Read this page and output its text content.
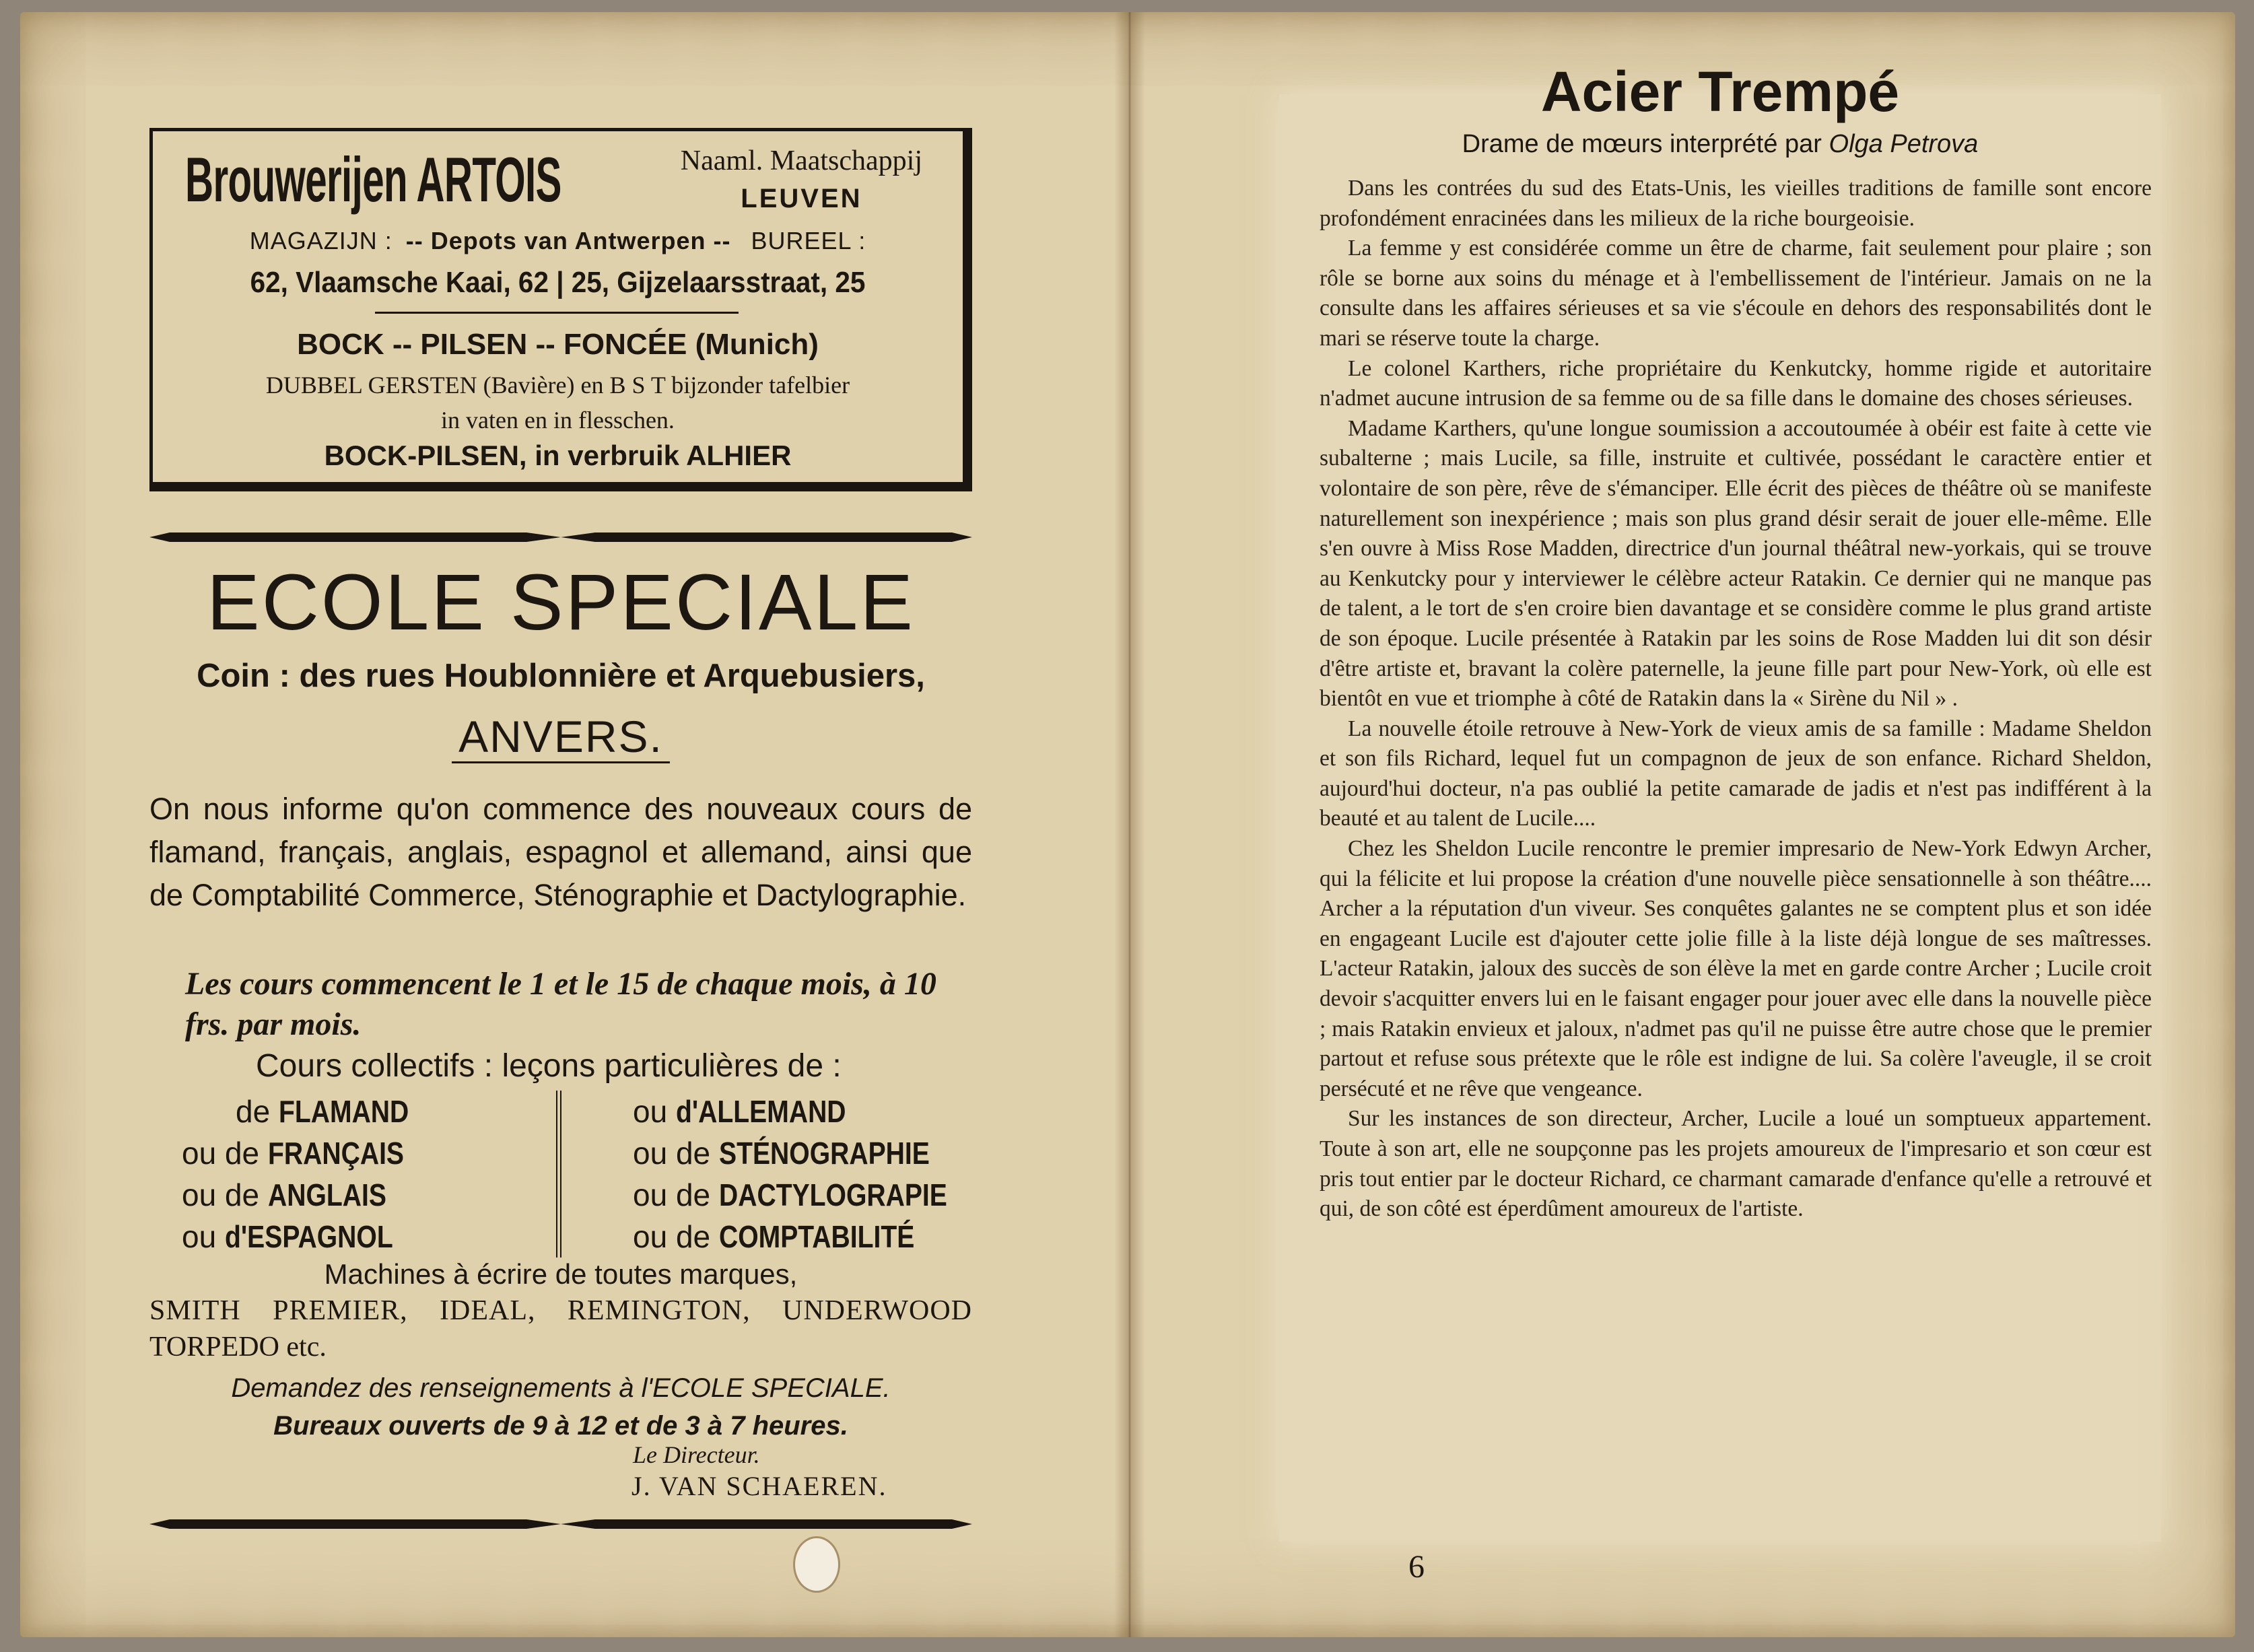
Brouwerijen ARTOIS	Naaml. Maatschappij
LEUVEN
MAGAZIJN : -- Depots van Antwerpen -- BUREEL :
62, Vlaamsche Kaai, 62 | 25, Gijzelaarsstraat, 25
BOCK -- PILSEN -- FONCÉE (Munich)
DUBBEL GERSTEN (Bavière) en B S T bijzonder tafelbier
in vaten en in flesschen.
BOCK-PILSEN, in verbruik ALHIER
ECOLE SPECIALE
Coin : des rues Houblonnière et Arquebusiers,
ANVERS.
On nous informe qu'on commence des nouveaux cours de flamand, français, anglais, espagnol et allemand, ainsi que de Comptabilité Commerce, Sténographie et Dactylographie.
Les cours commencent le 1 et le 15 de chaque mois, à 10 frs. par mois.
Cours collectifs : leçons particulières de :
de FLAMAND
ou de FRANÇAIS
ou de ANGLAIS
ou d'ESPAGNOL
ou d'ALLEMAND
ou de STÉNOGRAPHIE
ou de DACTYLOGRAPIE
ou de COMPTABILITÉ
Machines à écrire de toutes marques,
SMITH PREMIER, IDEAL, REMINGTON, UNDERWOOD
TORPEDO etc.
Demandez des renseignements à l'ECOLE SPECIALE.
Bureaux ouverts de 9 à 12 et de 3 à 7 heures.
Le Directeur.
J. VAN SCHAEREN.
Acier Trempé
Drame de mœurs interprété par Olga Petrova

Dans les contrées du sud des Etats-Unis, les vieilles traditions de famille sont encore profondément enracinées dans les milieux de la riche bourgeoisie.

La femme y est considérée comme un être de charme, fait seulement pour plaire ; son rôle se borne aux soins du ménage et à l'embellissement de l'intérieur. Jamais on ne la consulte dans les affaires sérieuses et sa vie s'écoule en dehors des responsabilités dont le mari se réserve toute la charge.

Le colonel Karthers, riche propriétaire du Kenkutcky, homme rigide et autoritaire n'admet aucune intrusion de sa femme ou de sa fille dans le domaine des choses sérieuses.

Madame Karthers, qu'une longue soumission a accoutoumée à obéir est faite à cette vie subalterne ; mais Lucile, sa fille, instruite et cultivée, possédant le caractère entier et volontaire de son père, rêve de s'émanciper. Elle écrit des pièces de théâtre où se manifeste naturellement son inexpérience ; mais son plus grand désir serait de jouer elle-même. Elle s'en ouvre à Miss Rose Madden, directrice d'un journal théâtral new-yorkais, qui se trouve au Kenkutcky pour y interviewer le célèbre acteur Ratakin. Ce dernier qui ne manque pas de talent, a le tort de s'en croire bien davantage et se considère comme le plus grand artiste de son époque. Lucile présentée à Ratakin par les soins de Rose Madden lui dit son désir d'être artiste et, bravant la colère paternelle, la jeune fille part pour New-York, où elle est bientôt en vue et triomphe à côté de Ratakin dans la « Sirène du Nil » .

La nouvelle étoile retrouve à New-York de vieux amis de sa famille : Madame Sheldon et son fils Richard, lequel fut un compagnon de jeux de son enfance. Richard Sheldon, aujourd'hui docteur, n'a pas oublié la petite camarade de jadis et n'est pas indifférent à la beauté et au talent de Lucile....

Chez les Sheldon Lucile rencontre le premier impresario de New-York Edwyn Archer, qui la félicite et lui propose la création d'une nouvelle pièce sensationnelle à son théâtre.... Archer a la réputation d'un viveur. Ses conquêtes galantes ne se comptent plus et son idée en engageant Lucile est d'ajouter cette jolie fille à la liste déjà longue de ses maîtresses. L'acteur Ratakin, jaloux des succès de son élève la met en garde contre Archer ; Lucile croit devoir s'acquitter envers lui en le faisant engager pour jouer avec elle dans la nouvelle pièce ; mais Ratakin envieux et jaloux, n'admet pas qu'il ne puisse être autre chose que le premier partout et refuse sous prétexte que le rôle est indigne de lui. Sa colère l'aveugle, il se croit persécuté et ne rêve que vengeance.

Sur les instances de son directeur, Archer, Lucile a loué un somptueux appartement. Toute à son art, elle ne soupçonne pas les projets amoureux de l'impresario et son cœur est pris tout entier par le docteur Richard, ce charmant camarade d'enfance qu'elle a retrouvé et qui, de son côté est éperdûment amoureux de l'artiste.

6
